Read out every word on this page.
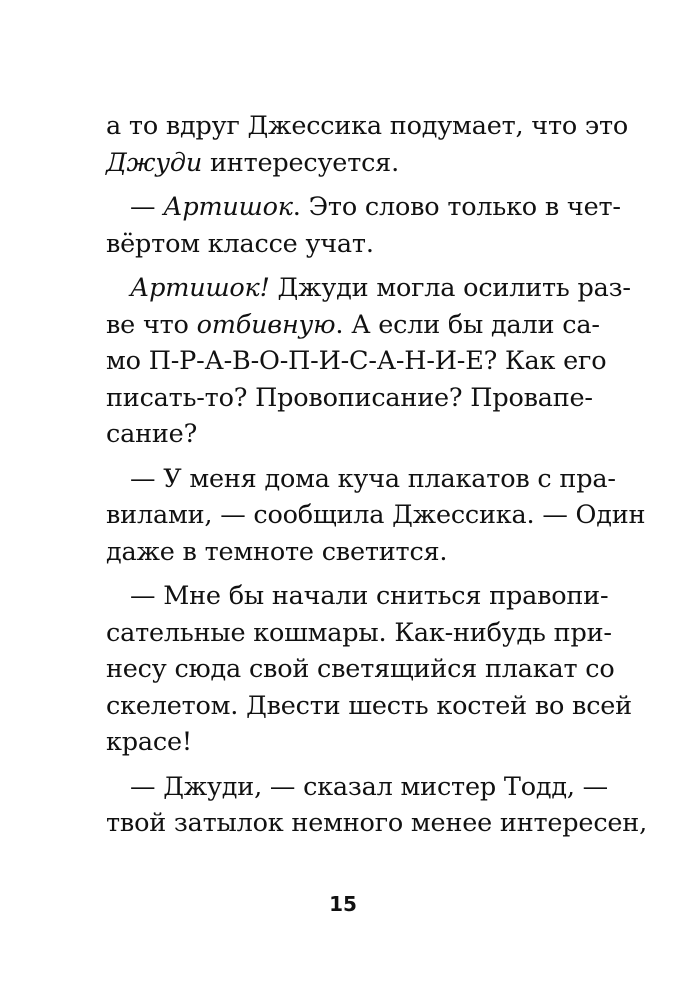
а то вдруг Джессика подумает, что это
Джуди интересуется.
— Артишок. Это слово только в чет-
вёртом классе учат.
Артишок! Джуди могла осилить раз-
ве что отбивную. А если бы дали са-
мо П-Р-А-В-О-П-И-С-А-Н-И-Е? Как его
писать-то? Провописание? Провапе-
сание?
— У меня дома куча плакатов с пра-
вилами, — сообщила Джессика. — Один
даже в темноте светится.
— Мне бы начали сниться правопи-
сательные кошмары. Как-нибудь при-
несу сюда свой светящийся плакат со
скелетом. Двести шесть костей во всей
красе!
— Джуди, — сказал мистер Тодд, —
твой затылок немного менее интересен,
15
